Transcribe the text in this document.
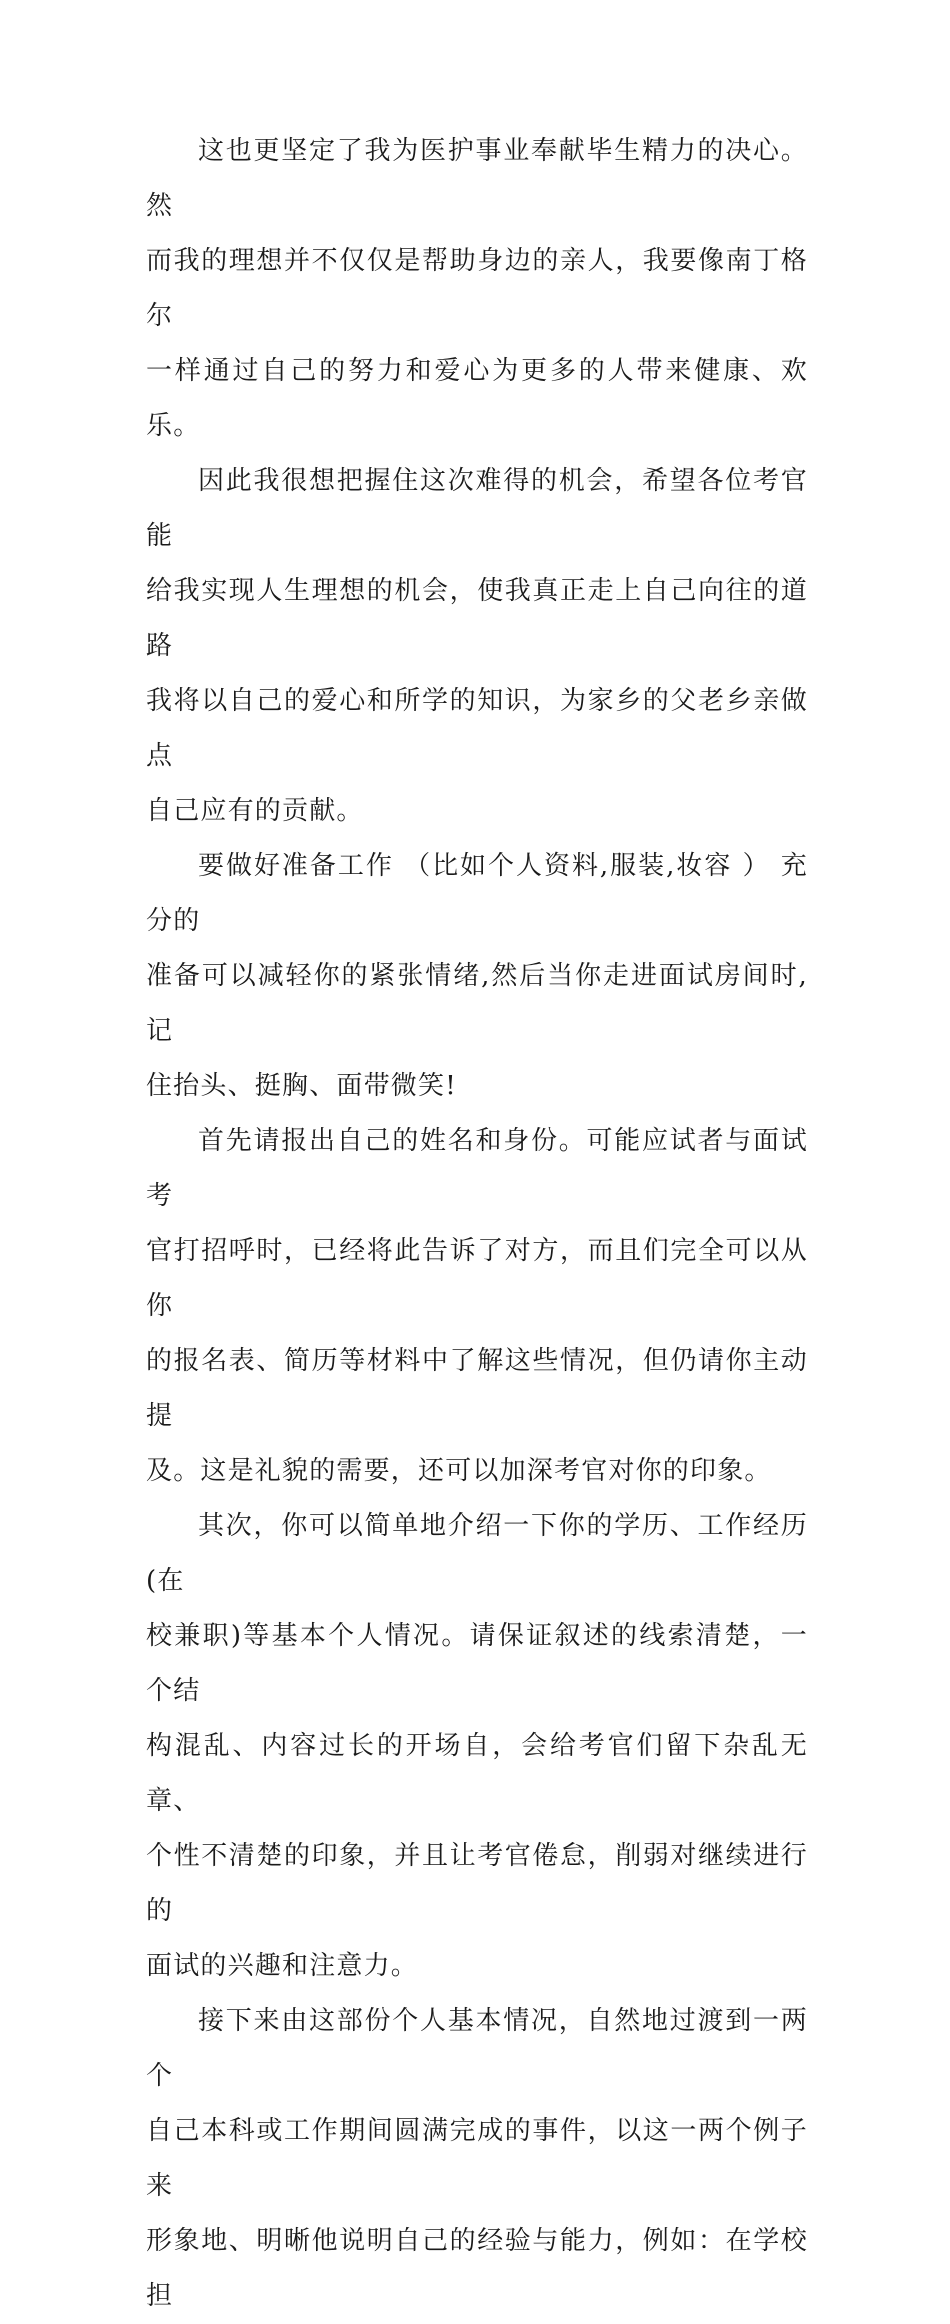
这也更坚定了我为医护事业奉献毕生精力的决心。然
而我的理想并不仅仅是帮助身边的亲人，我要像南丁格尔
一样通过自己的努力和爱心为更多的人带来健康、欢乐。

因此我很想把握住这次难得的机会，希望各位考官能
给我实现人生理想的机会，使我真正走上自己向往的道路
我将以自己的爱心和所学的知识，为家乡的父老乡亲做点
自己应有的贡献。

要做好准备工作 （比如个人资料,服装,妆容 ） 充分的
准备可以减轻你的紧张情绪,然后当你走进面试房间时,记
住抬头、挺胸、面带微笑!

首先请报出自己的姓名和身份。可能应试者与面试考
官打招呼时，已经将此告诉了对方，而且们完全可以从你
的报名表、简历等材料中了解这些情况，但仍请你主动提
及。这是礼貌的需要，还可以加深考官对你的印象。

其次，你可以简单地介绍一下你的学历、工作经历(在
校兼职)等基本个人情况。请保证叙述的线索清楚，一个结
构混乱、内容过长的开场自，会给考官们留下杂乱无章、
个性不清楚的印象，并且让考官倦怠，削弱对继续进行的
面试的兴趣和注意力。

接下来由这部份个人基本情况，自然地过渡到一两个
自己本科或工作期间圆满完成的事件，以这一两个例子来
形象地、明晰他说明自己的经验与能力，例如：在学校担
